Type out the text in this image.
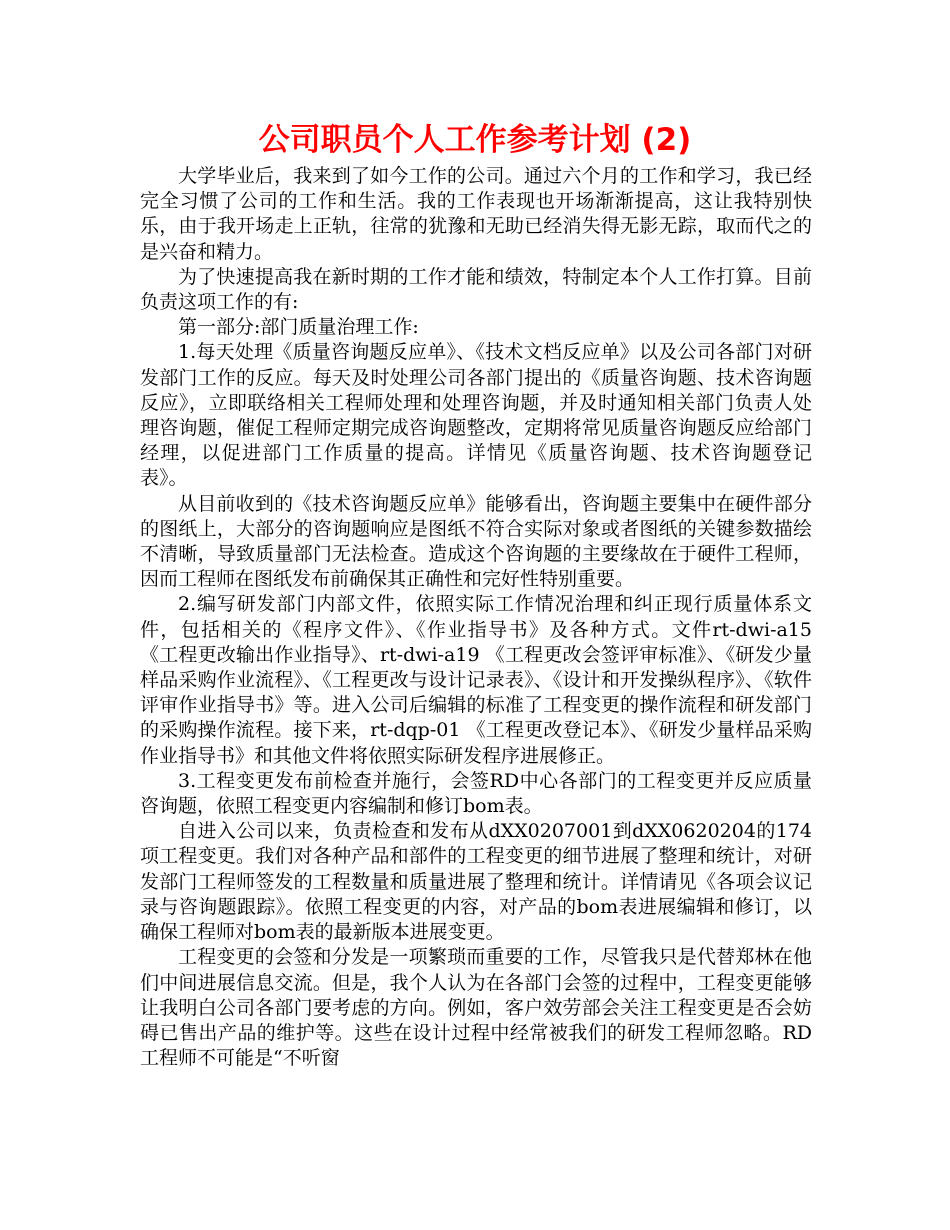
公司职员个人工作参考计划 (2)

大学毕业后，我来到了如今工作的公司。通过六个月的工作和学习，我已经完全习惯了公司的工作和生活。我的工作表现也开场渐渐提高，这让我特别快乐，由于我开场走上正轨，往常的犹豫和无助已经消失得无影无踪，取而代之的是兴奋和精力。

为了快速提高我在新时期的工作才能和绩效，特制定本个人工作打算。目前负责这项工作的有:

第一部分:部门质量治理工作:

1.每天处理《质量咨询题反应单》、《技术文档反应单》以及公司各部门对研发部门工作的反应。每天及时处理公司各部门提出的《质量咨询题、技术咨询题反应》，立即联络相关工程师处理和处理咨询题，并及时通知相关部门负责人处理咨询题，催促工程师定期完成咨询题整改，定期将常见质量咨询题反应给部门经理，以促进部门工作质量的提高。详情见《质量咨询题、技术咨询题登记表》。

从目前收到的《技术咨询题反应单》能够看出，咨询题主要集中在硬件部分的图纸上，大部分的咨询题响应是图纸不符合实际对象或者图纸的关键参数描绘不清晰，导致质量部门无法检查。造成这个咨询题的主要缘故在于硬件工程师，因而工程师在图纸发布前确保其正确性和完好性特别重要。

2.编写研发部门内部文件，依照实际工作情况治理和纠正现行质量体系文件，包括相关的《程序文件》、《作业指导书》及各种方式。文件rt-dwi-a15 《工程更改输出作业指导》、rt-dwi-a19 《工程更改会签评审标准》、《研发少量样品采购作业流程》、《工程更改与设计记录表》、《设计和开发操纵程序》、《软件评审作业指导书》等。进入公司后编辑的标准了工程变更的操作流程和研发部门的采购操作流程。接下来，rt-dqp-01 《工程更改登记本》、《研发少量样品采购作业指导书》和其他文件将依照实际研发程序进展修正。

3.工程变更发布前检查并施行，会签RD中心各部门的工程变更并反应质量咨询题，依照工程变更内容编制和修订bom表。

自进入公司以来，负责检查和发布从dXX0207001到dXX0620204的174项工程变更。我们对各种产品和部件的工程变更的细节进展了整理和统计，对研发部门工程师签发的工程数量和质量进展了整理和统计。详情请见《各项会议记录与咨询题跟踪》。依照工程变更的内容，对产品的bom表进展编辑和修订，以确保工程师对bom表的最新版本进展变更。

工程变更的会签和分发是一项繁琐而重要的工作，尽管我只是代替郑林在他们中间进展信息交流。但是，我个人认为在各部门会签的过程中，工程变更能够让我明白公司各部门要考虑的方向。例如，客户效劳部会关注工程变更是否会妨碍已售出产品的维护等。这些在设计过程中经常被我们的研发工程师忽略。RD工程师不可能是“不听窗
